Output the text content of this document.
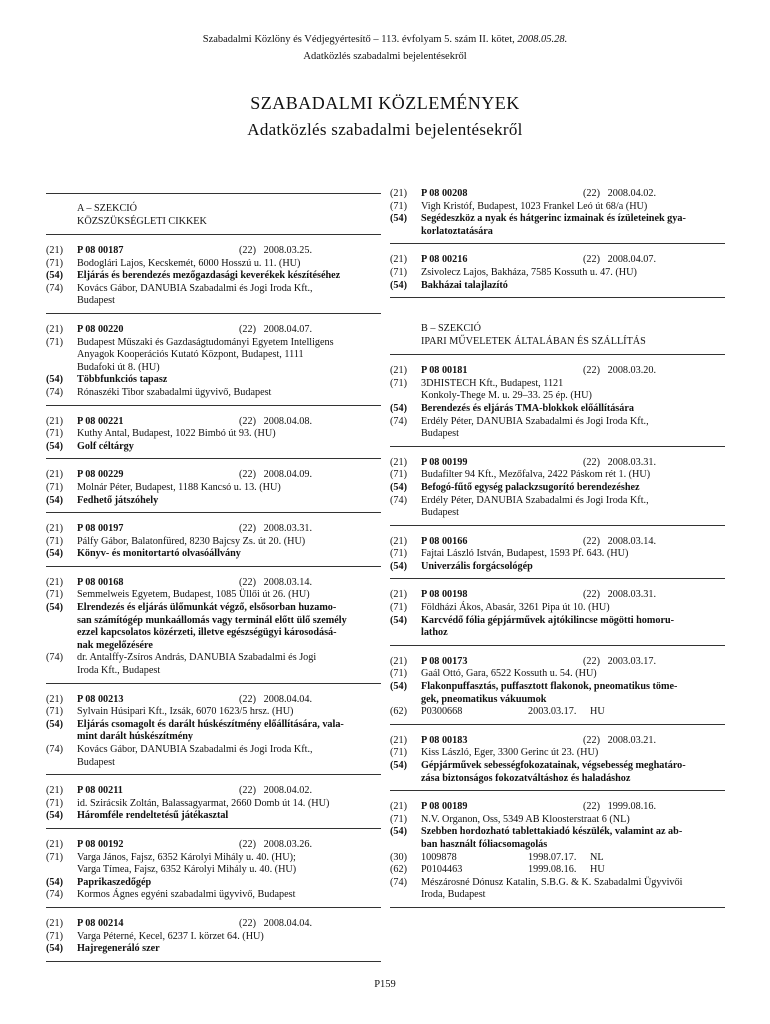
Szabadalmi Közlöny és Védjegyértesítő – 113. évfolyam 5. szám II. kötet, 2008.05.28.
Adatközlés szabadalmi bejelentésekről
SZABADALMI KÖZLEMÉNYEK
Adatközlés szabadalmi bejelentésekről
A – SZEKCIÓ
KÖZSZÜKSÉGLETI CIKKEK
(21)	P 08 00187	(22) 2008.03.25.
(71)	Bodoglári Lajos, Kecskemét, 6000 Hosszú u. 11. (HU)
(54)	Eljárás és berendezés mezőgazdasági keverékek készítéséhez
(74)	Kovács Gábor, DANUBIA Szabadalmi és Jogi Iroda Kft.,
Budapest
(21)	P 08 00220	(22) 2008.04.07.
(71)	Budapest Műszaki és Gazdaságtudományi Egyetem Intelligens
Anyagok Kooperációs Kutató Központ, Budapest, 1111
Budafoki út 8. (HU)
(54)	Többfunkciós tapasz
(74)	Rónaszéki Tibor szabadalmi ügyvivő, Budapest
(21)	P 08 00221	(22) 2008.04.08.
(71)	Kuthy Antal, Budapest, 1022 Bimbó út 93. (HU)
(54)	Golf céltárgy
(21)	P 08 00229	(22) 2008.04.09.
(71)	Molnár Péter, Budapest, 1188 Kancsó u. 13. (HU)
(54)	Fedhető játszóhely
(21)	P 08 00197	(22) 2008.03.31.
(71)	Pálfy Gábor, Balatonfüred, 8230 Bajcsy Zs. út 20. (HU)
(54)	Könyv- és monitortartó olvasóállvány
(21)	P 08 00168	(22) 2008.03.14.
(71)	Semmelweis Egyetem, Budapest, 1085 Üllői út 26. (HU)
(54)	Elrendezés és eljárás ülőmunkát végző, elsősorban huzamo-
san számítógép munkaállomás vagy terminál előtt ülő személy
ezzel kapcsolatos közérzeti, illetve egészségügyi károsodásá-
nak megelőzésére
(74)	dr. Antalffy-Zsíros András, DANUBIA Szabadalmi és Jogi
Iroda Kft., Budapest
(21)	P 08 00213	(22) 2008.04.04.
(71)	Sylvain Húsipari Kft., Izsák, 6070 1623/5 hrsz. (HU)
(54)	Eljárás csomagolt és darált húskészítmény előállítására, vala-
mint darált húskészítmény
(74)	Kovács Gábor, DANUBIA Szabadalmi és Jogi Iroda Kft.,
Budapest
(21)	P 08 00211	(22) 2008.04.02.
(71)	id. Szirácsik Zoltán, Balassagyarmat, 2660 Domb út 14. (HU)
(54)	Háromféle rendeltetésű játékasztal
(21)	P 08 00192	(22) 2008.03.26.
(71)	Varga János, Fajsz, 6352 Károlyi Mihály u. 40. (HU);
Varga Tímea, Fajsz, 6352 Károlyi Mihály u. 40. (HU)
(54)	Paprikaszedőgép
(74)	Kormos Ágnes egyéni szabadalmi ügyvivő, Budapest
(21)	P 08 00214	(22) 2008.04.04.
(71)	Varga Péterné, Kecel, 6237 I. körzet 64. (HU)
(54)	Hajregeneráló szer
(21)	P 08 00208	(22) 2008.04.02.
(71)	Vigh Kristóf, Budapest, 1023 Frankel Leó út 68/a (HU)
(54)	Segédeszköz a nyak és hátgerinc izmainak és ízületeinek gya-
korlatoztatására
(21)	P 08 00216	(22) 2008.04.07.
(71)	Zsivolecz Lajos, Bakháza, 7585 Kossuth u. 47. (HU)
(54)	Bakházai talajlazító
B – SZEKCIÓ
IPARI MŰVELETEK ÁLTALÁBAN ÉS SZÁLLÍTÁS
(21)	P 08 00181	(22) 2008.03.20.
(71)	3DHISTECH Kft., Budapest, 1121
Konkoly-Thege M. u. 29–33. 25 ép. (HU)
(54)	Berendezés és eljárás TMA-blokkok előállítására
(74)	Erdély Péter, DANUBIA Szabadalmi és Jogi Iroda Kft.,
Budapest
(21)	P 08 00199	(22) 2008.03.31.
(71)	Budafilter 94 Kft., Mezőfalva, 2422 Páskom rét 1. (HU)
(54)	Befogó-fűtő egység palackzsugorító berendezéshez
(74)	Erdély Péter, DANUBIA Szabadalmi és Jogi Iroda Kft.,
Budapest
(21)	P 08 00166	(22) 2008.03.14.
(71)	Fajtai László István, Budapest, 1593 Pf. 643. (HU)
(54)	Univerzális forgácsológép
(21)	P 08 00198	(22) 2008.03.31.
(71)	Földházi Ákos, Abasár, 3261 Pipa út 10. (HU)
(54)	Karcvédő fólia gépjárművek ajtókilincse mögötti homoru-
lathoz
(21)	P 08 00173	(22) 2003.03.17.
(71)	Gaál Ottó, Gara, 6522 Kossuth u. 54. (HU)
(54)	Flakonpuffasztás, puffasztott flakonok, pneomatikus töme-
gek, pneomatikus vákuumok
(62)	P0300668	2003.03.17. HU
(21)	P 08 00183	(22) 2008.03.21.
(71)	Kiss László, Eger, 3300 Gerinc út 23. (HU)
(54)	Gépjárművek sebességfokozatainak, végsebesség meghatáro-
zása biztonságos fokozatváltáshoz és haladáshoz
(21)	P 08 00189	(22) 1999.08.16.
(71)	N.V. Organon, Oss, 5349 AB Kloosterstraat 6 (NL)
(54)	Szebben hordozható tablettakiadó készülék, valamint az ab-
ban használt fóliacsomagolás
(30)	1009878	1998.07.17. NL
(62)	P0104463	1999.08.16. HU
(74)	Mészárosné Dónusz Katalin, S.B.G. & K. Szabadalmi Ügyvivői
Iroda, Budapest
P159
